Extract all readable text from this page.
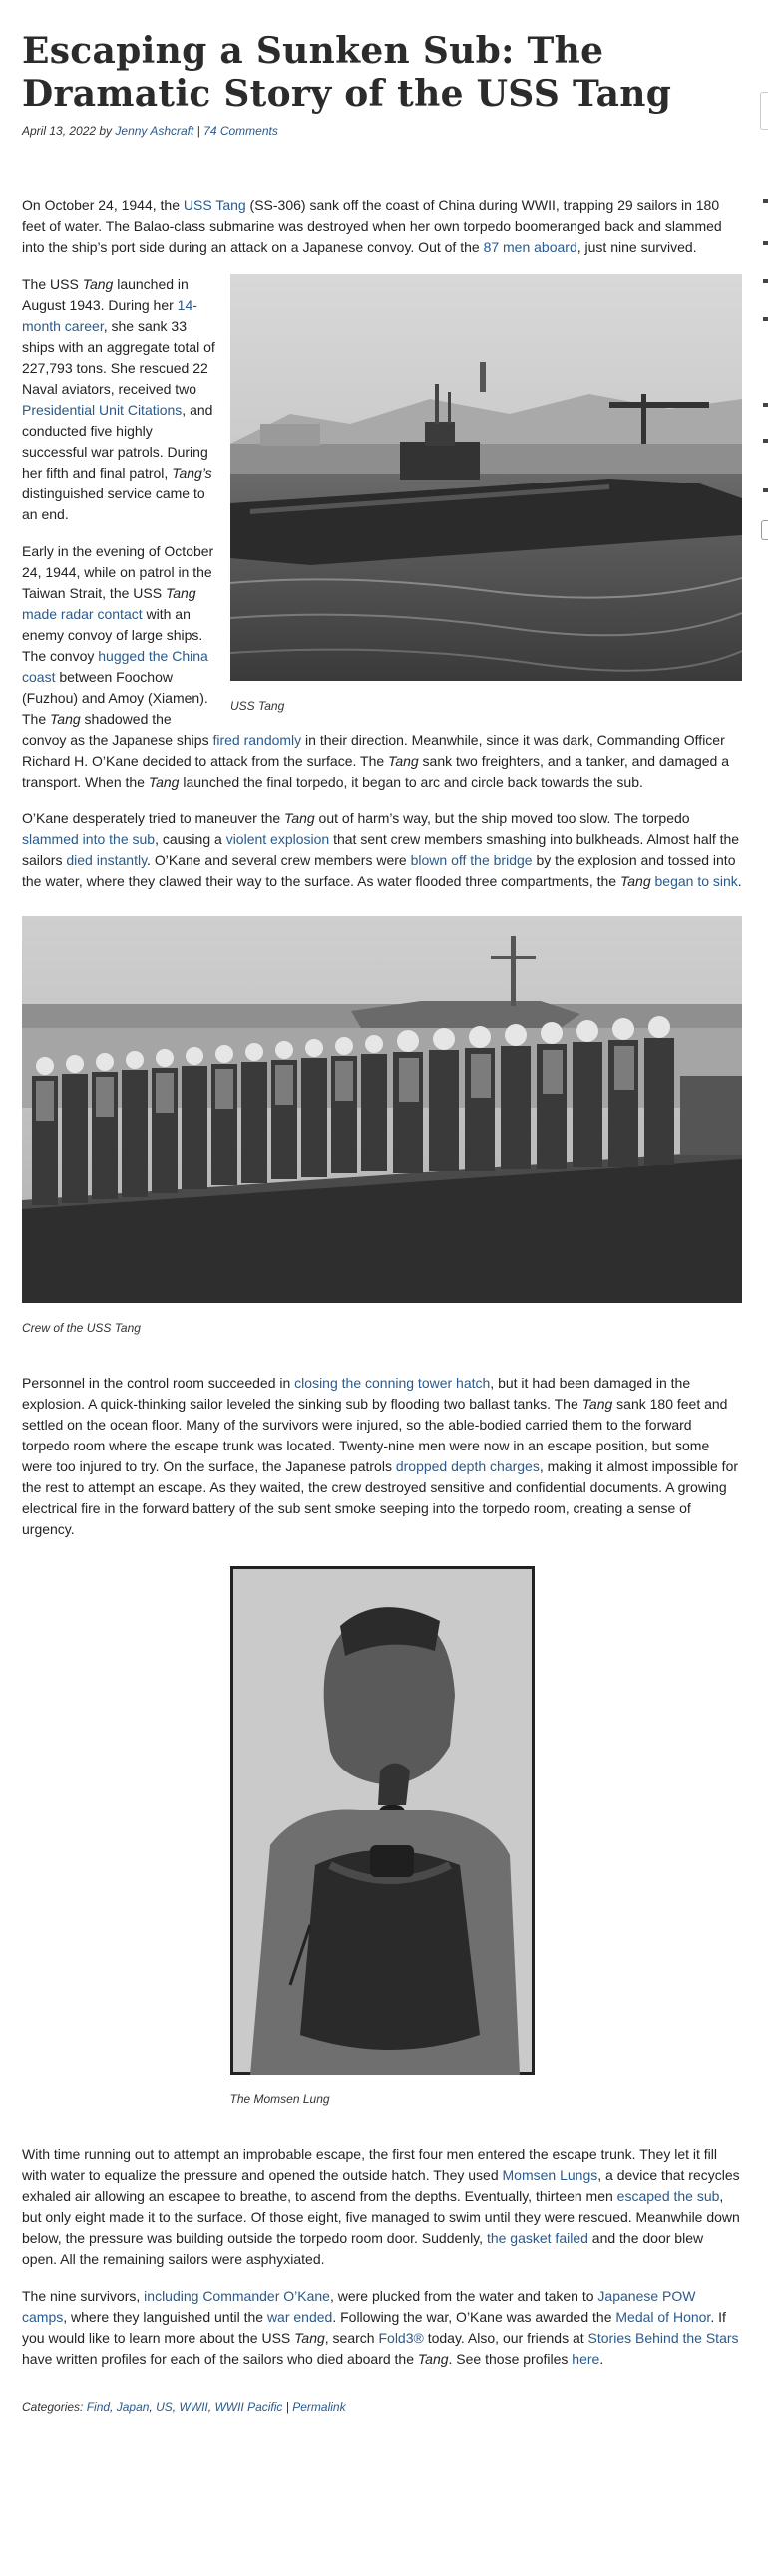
Escaping a Sunken Sub: The Dramatic Story of the USS Tang
April 13, 2022 by Jenny Ashcraft | 74 Comments

On October 24, 1944, the USS Tang (SS-306) sank off the coast of China during WWII, trapping 29 sailors in 180 feet of water. The Balao-class submarine was destroyed when her own torpedo boomeranged back and slammed into the ship’s port side during an attack on a Japanese convoy. Out of the 87 men aboard, just nine survived.

USS Tang

The USS Tang launched in August 1943. During her 14-month career, she sank 33 ships with an aggregate total of 227,793 tons. She rescued 22 Naval aviators, received two Presidential Unit Citations, and conducted five highly successful war patrols. During her fifth and final patrol, Tang’s distinguished service came to an end.

Early in the evening of October 24, 1944, while on patrol in the Taiwan Strait, the USS Tang made radar contact with an enemy convoy of large ships. The convoy hugged the China coast between Foochow (Fuzhou) and Amoy (Xiamen). The Tang shadowed the convoy as the Japanese ships fired randomly in their direction. Meanwhile, since it was dark, Commanding Officer Richard H. O’Kane decided to attack from the surface. The Tang sank two freighters, and a tanker, and damaged a transport. When the Tang launched the final torpedo, it began to arc and circle back towards the sub.

O’Kane desperately tried to maneuver the Tang out of harm’s way, but the ship moved too slow. The torpedo slammed into the sub, causing a violent explosion that sent crew members smashing into bulkheads. Almost half the sailors died instantly. O’Kane and several crew members were blown off the bridge by the explosion and tossed into the water, where they clawed their way to the surface. As water flooded three compartments, the Tang began to sink.

Crew of the USS Tang

Personnel in the control room succeeded in closing the conning tower hatch, but it had been damaged in the explosion. A quick-thinking sailor leveled the sinking sub by flooding two ballast tanks. The Tang sank 180 feet and settled on the ocean floor. Many of the survivors were injured, so the able-bodied carried them to the forward torpedo room where the escape trunk was located. Twenty-nine men were now in an escape position, but some were too injured to try. On the surface, the Japanese patrols dropped depth charges, making it almost impossible for the rest to attempt an escape. As they waited, the crew destroyed sensitive and confidential documents. A growing electrical fire in the forward battery of the sub sent smoke seeping into the torpedo room, creating a sense of urgency.

The Momsen Lung

With time running out to attempt an improbable escape, the first four men entered the escape trunk. They let it fill with water to equalize the pressure and opened the outside hatch. They used Momsen Lungs, a device that recycles exhaled air allowing an escapee to breathe, to ascend from the depths. Eventually, thirteen men escaped the sub, but only eight made it to the surface. Of those eight, five managed to swim until they were rescued. Meanwhile down below, the pressure was building outside the torpedo room door. Suddenly, the gasket failed and the door blew open. All the remaining sailors were asphyxiated.

The nine survivors, including Commander O’Kane, were plucked from the water and taken to Japanese POW camps, where they languished until the war ended. Following the war, O’Kane was awarded the Medal of Honor. If you would like to learn more about the USS Tang, search Fold3® today. Also, our friends at Stories Behind the Stars have written profiles for each of the sailors who died aboard the Tang. See those profiles here.

Categories: Find, Japan, US, WWII, WWII Pacific | Permalink
